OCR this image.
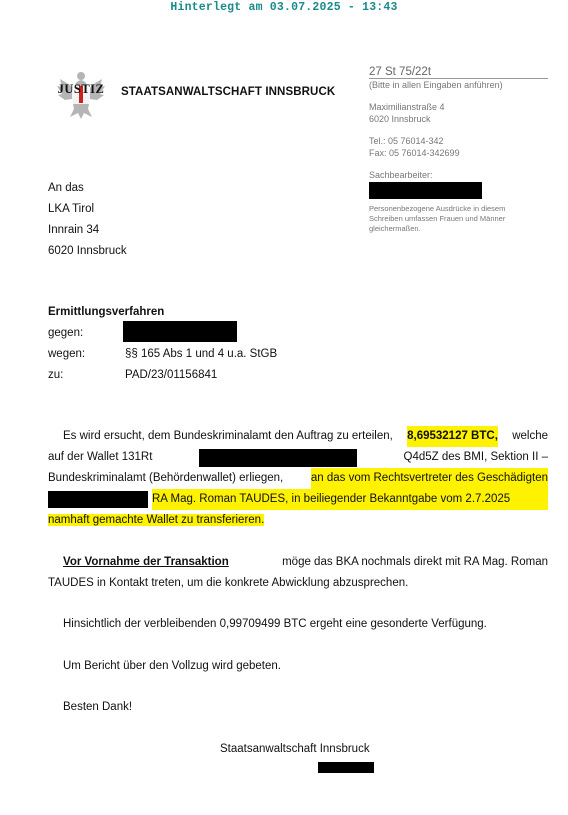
Hinterlegt am 03.07.2025 - 13:43
JUSTIZ STAATSANWALTSCHAFT INNSBRUCK
27 St 75/22t
(Bitte in allen Eingaben anführen)
Maximilianstraße 4
6020 Innsbruck
Tel.: 05 76014-342
Fax: 05 76014-342699
Sachbearbeiter:
Personenbezogene Ausdrücke in diesem
Schreiben umfassen Frauen und Männer
gleichermaßen.
An das
LKA Tirol
Innrain 34
6020 Innsbruck
Ermittlungsverfahren
gegen:
wegen:	§§ 165 Abs 1 und 4 u.a. StGB
zu:	PAD/23/01156841
Es wird ersucht, dem Bundeskriminalamt den Auftrag zu erteilen, 8,69532127 BTC, welche
auf der Wallet 131Rt	Q4d5Z des BMI, Sektion II –
Bundeskriminalamt (Behördenwallet) erliegen, an das vom Rechtsvertreter des Geschädigten
RA Mag. Roman TAUDES, in beiliegender Bekanntgabe vom 2.7.2025
namhaft gemachte Wallet zu transferieren.
Vor Vornahme der Transaktion	möge das BKA nochmals direkt mit RA Mag. Roman
TAUDES in Kontakt treten, um die konkrete Abwicklung abzusprechen.
Hinsichtlich der verbleibenden 0,99709499 BTC ergeht eine gesonderte Verfügung.
Um Bericht über den Vollzug wird gebeten.
Besten Dank!
Staatsanwaltschaft Innsbruck
